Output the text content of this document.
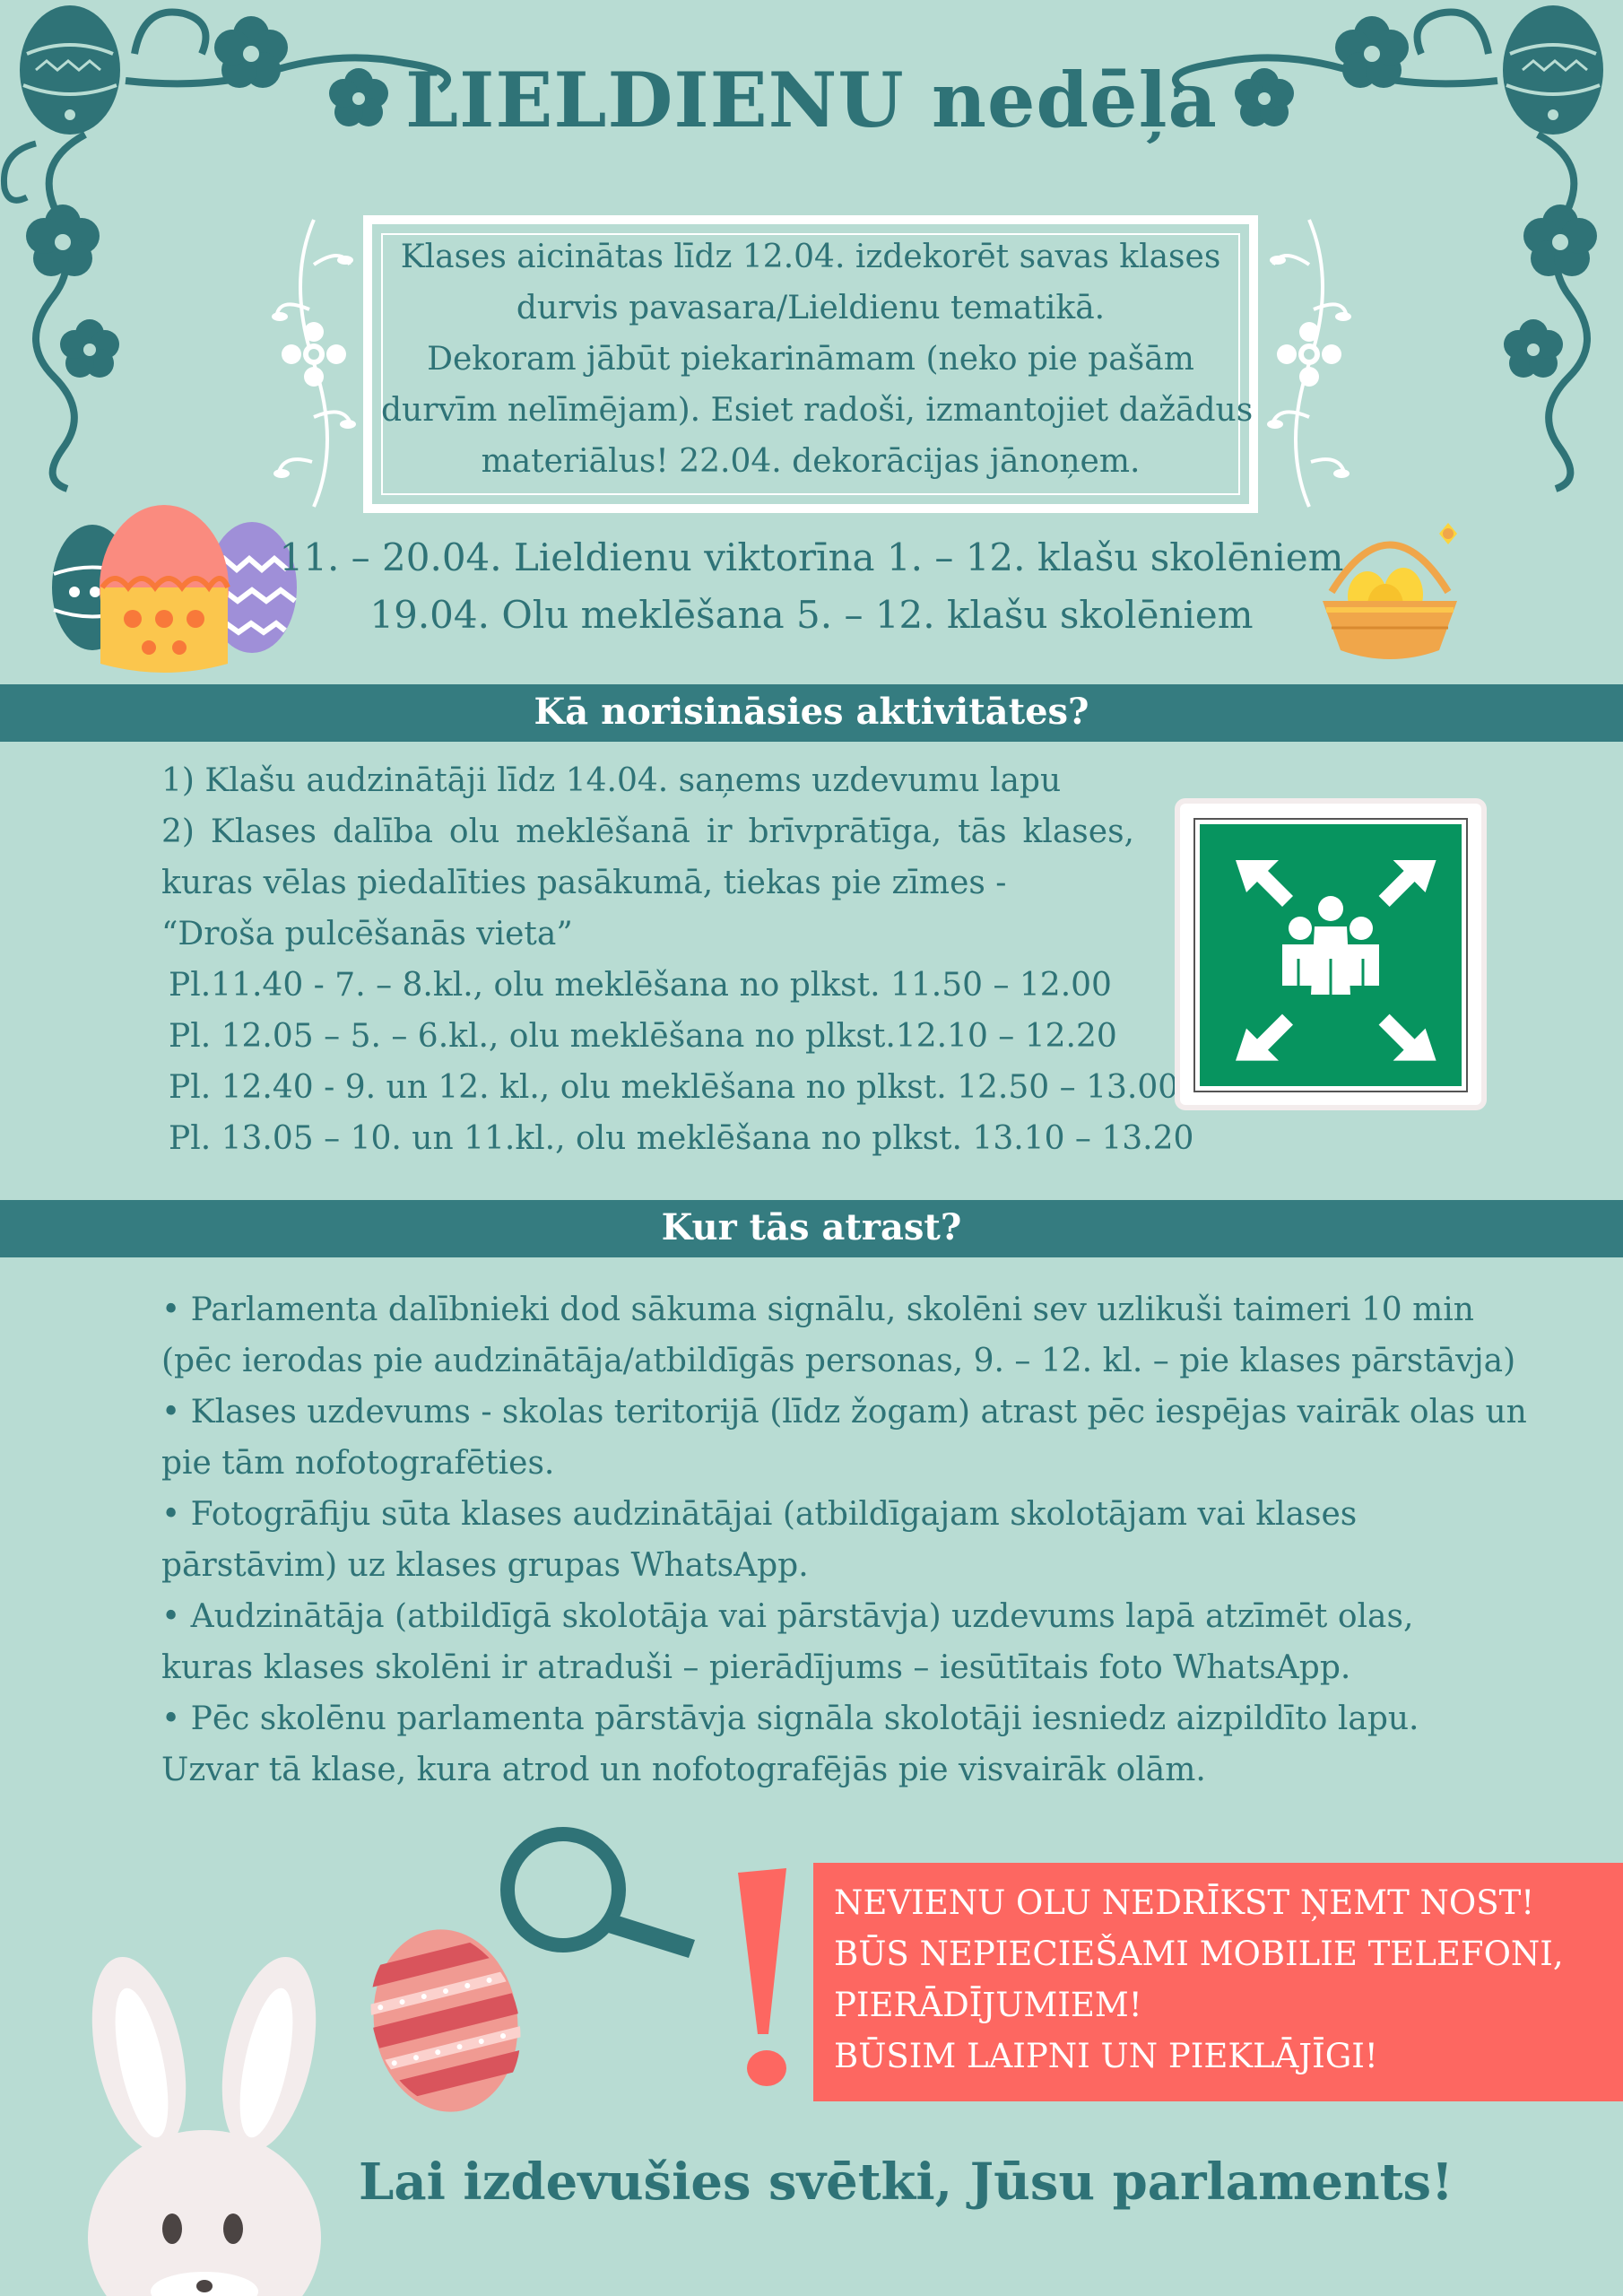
LIELDIENU nedēļa
Klases aicinātas līdz 12.04. izdekorēt savas klases
durvis pavasara/Lieldienu tematikā.
Dekoram jābūt piekarināmam (neko pie pašām
durvīm nelīmējam). Esiet radoši, izmantojiet dažādus
materiālus! 22.04. dekorācijas jānoņem.
11. – 20.04. Lieldienu viktorīna 1. – 12. klašu skolēniem
19.04. Olu meklēšana 5. – 12. klašu skolēniem
Kā norisināsies aktivitātes?
1) Klašu audzinātāji līdz 14.04. saņems uzdevumu lapu
2) Klases dalība olu meklēšanā ir brīvprātīga, tās klases,
kuras vēlas piedalīties pasākumā, tiekas pie zīmes -
“Droša pulcēšanās vieta”
Pl.11.40 - 7. – 8.kl., olu meklēšana no plkst. 11.50 – 12.00
Pl. 12.05 – 5. – 6.kl., olu meklēšana no plkst.12.10 – 12.20
Pl. 12.40 - 9. un 12. kl., olu meklēšana no plkst. 12.50 – 13.00
Pl. 13.05 – 10. un 11.kl., olu meklēšana no plkst. 13.10 – 13.20
Kur tās atrast?
• Parlamenta dalībnieki dod sākuma signālu, skolēni sev uzlikuši taimeri 10 min
(pēc ierodas pie audzinātāja/atbildīgās personas, 9. – 12. kl. – pie klases pārstāvja)
• Klases uzdevums - skolas teritorijā (līdz žogam) atrast pēc iespējas vairāk olas un
pie tām nofotografēties.
• Fotogrāfiju sūta klases audzinātājai (atbildīgajam skolotājam vai klases
pārstāvim) uz klases grupas WhatsApp.
• Audzinātāja (atbildīgā skolotāja vai pārstāvja) uzdevums lapā atzīmēt olas,
kuras klases skolēni ir atraduši – pierādījums – iesūtītais foto WhatsApp.
• Pēc skolēnu parlamenta pārstāvja signāla skolotāji iesniedz aizpildīto lapu.
Uzvar tā klase, kura atrod un nofotografējās pie visvairāk olām.
NEVIENU OLU NEDRĪKST ŅEMT NOST!
BŪS NEPIECIEŠAMI MOBILIE TELEFONI,
PIERĀDĪJUMIEM!
BŪSIM LAIPNI UN PIEKLĀJĪGI!
Lai izdevušies svētki, Jūsu parlaments!
